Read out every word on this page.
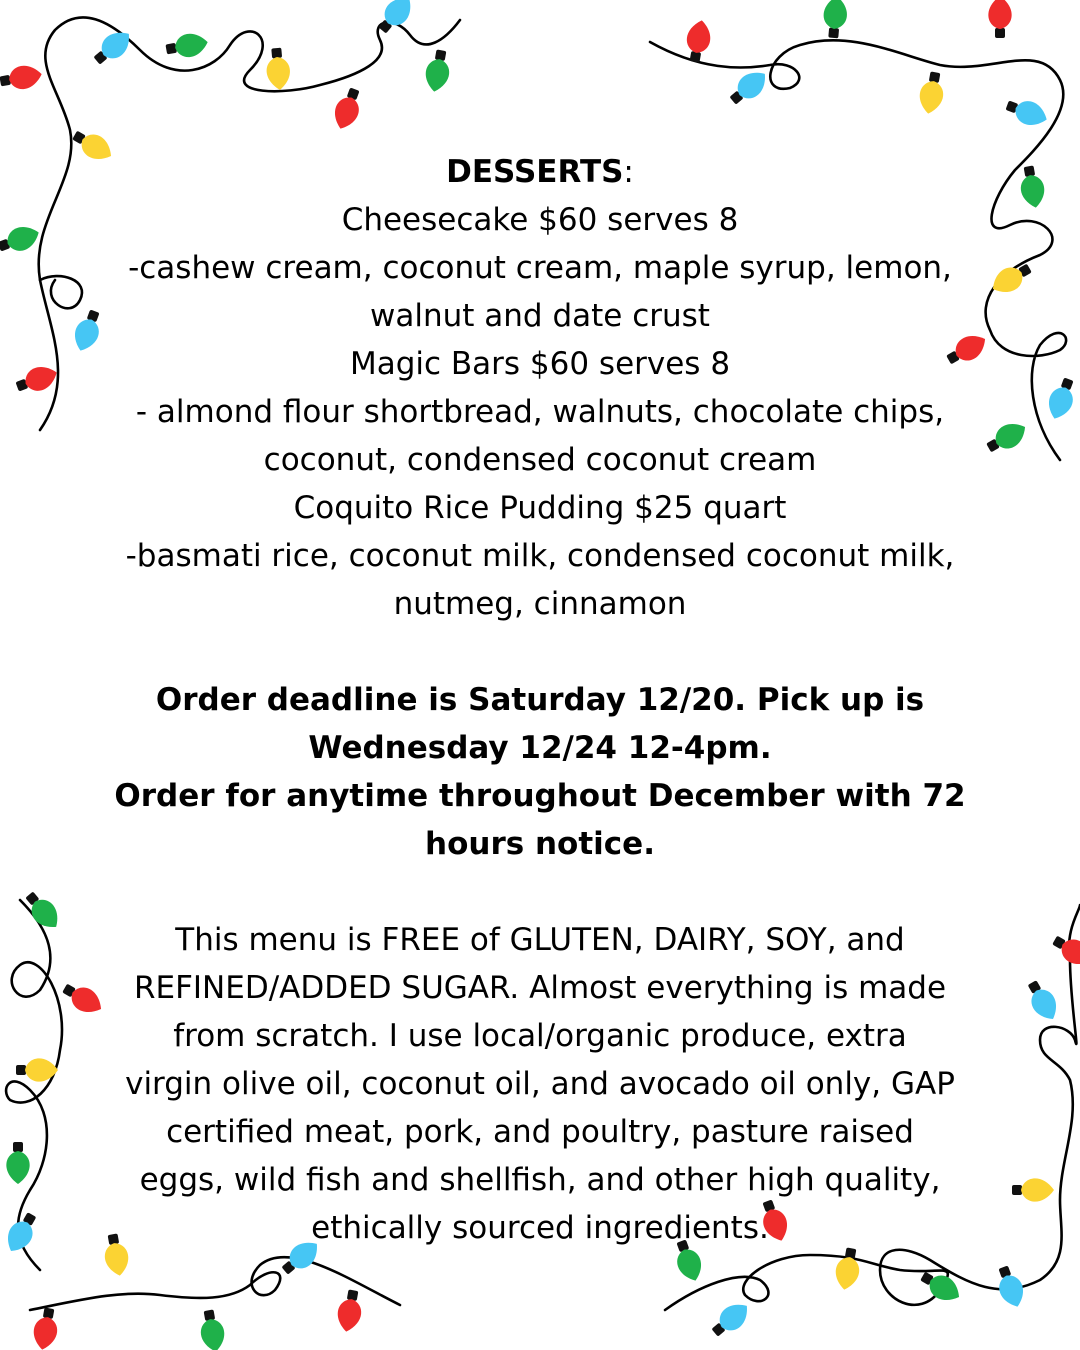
DESSERTS:

Cheesecake $60 serves 8

-cashew cream, coconut cream, maple syrup, lemon,

walnut and date crust

Magic Bars $60 serves 8

- almond flour shortbread, walnuts, chocolate chips,

coconut, condensed coconut cream

Coquito Rice Pudding $25 quart

-basmati rice, coconut milk, condensed coconut milk,

nutmeg, cinnamon

Order deadline is Saturday 12/20. Pick up is

Wednesday 12/24 12-4pm.

Order for anytime throughout December with 72

hours notice.

This menu is FREE of GLUTEN, DAIRY, SOY, and

REFINED/ADDED SUGAR. Almost everything is made

from scratch. I use local/organic produce, extra

virgin olive oil, coconut oil, and avocado oil only, GAP

certified meat, pork, and poultry, pasture raised

eggs, wild fish and shellfish, and other high quality,

ethically sourced ingredients.
